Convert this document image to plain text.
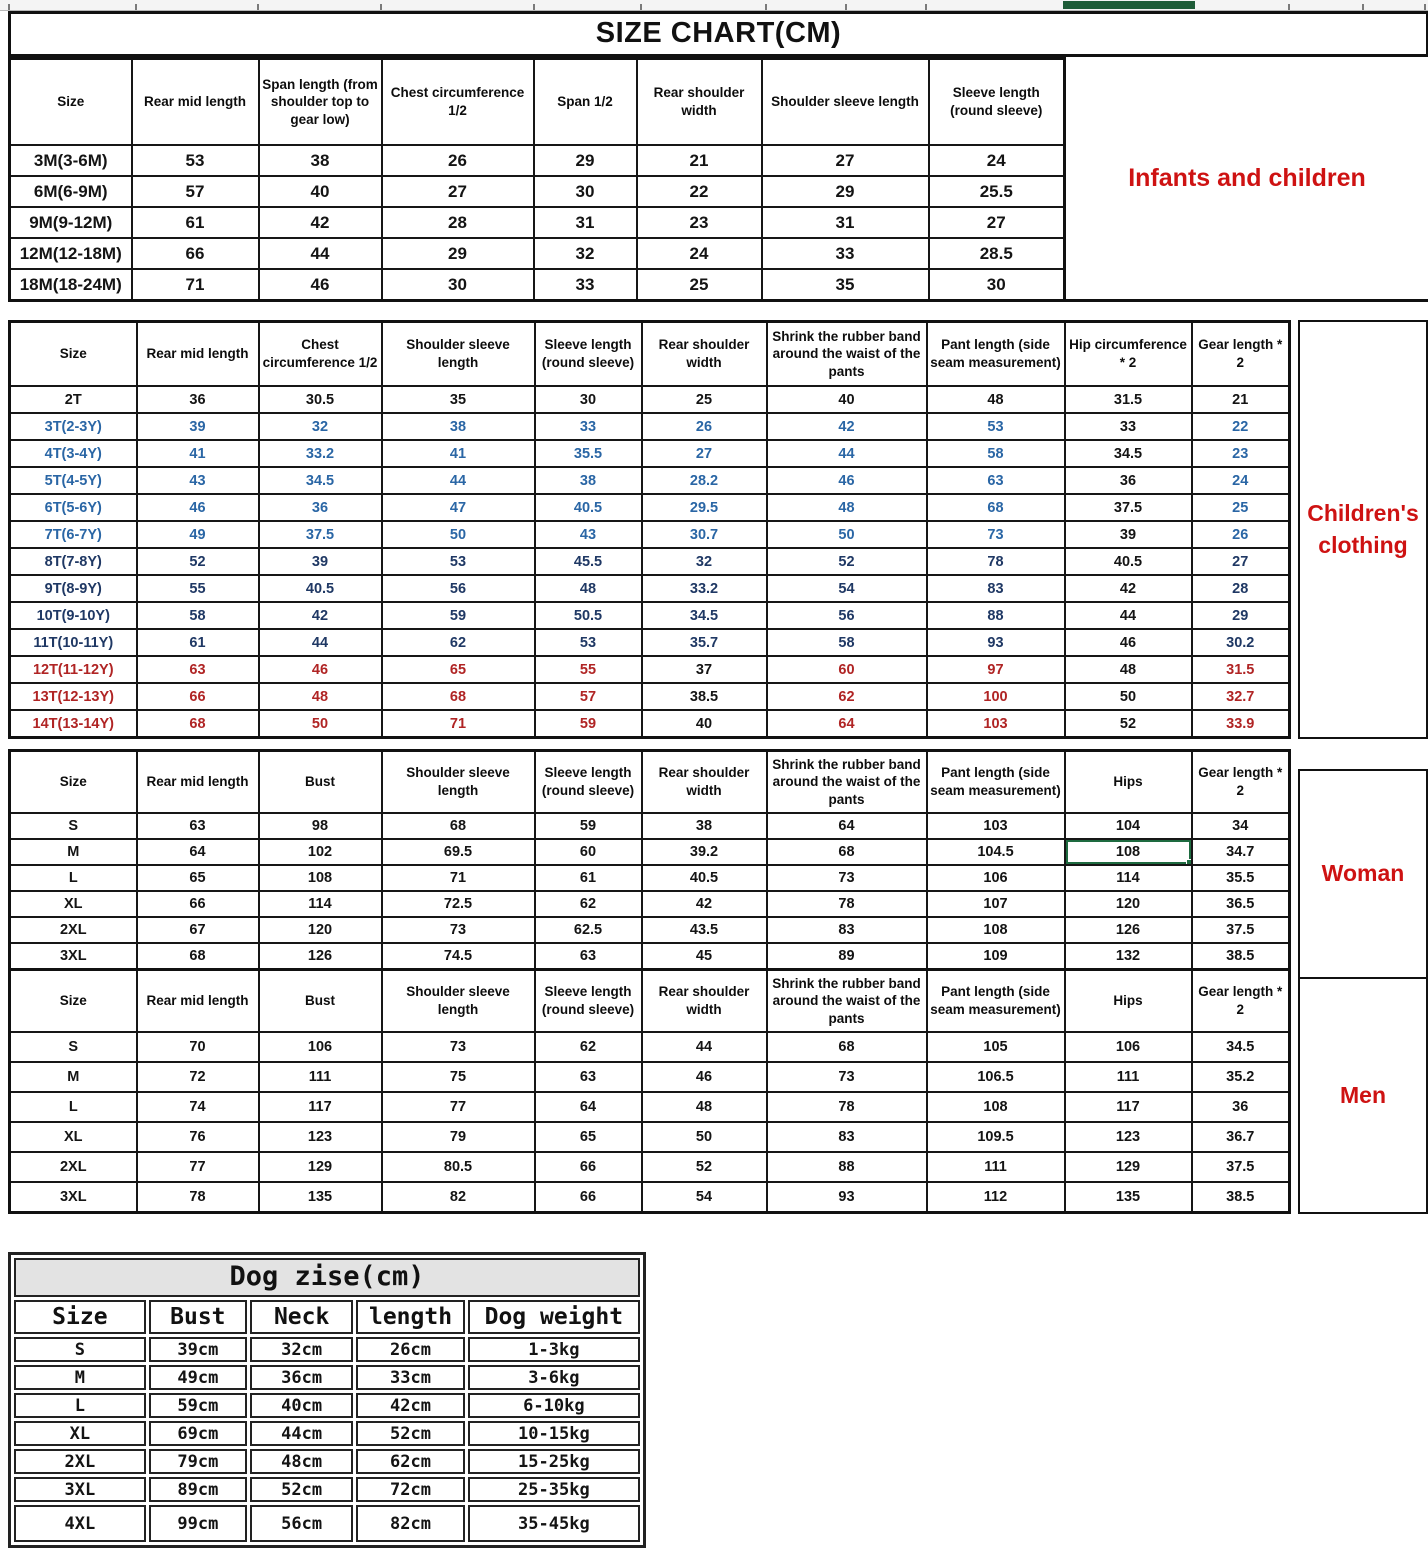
SIZE CHART(CM)
Size	Rear mid length	Span length (from shoulder top to gear low)	Chest circumference 1/2	Span 1/2	Rear shoulder width	Shoulder sleeve length	Sleeve length (round sleeve)
3M(3-6M)	53	38	26	29	21	27	24
6M(6-9M)	57	40	27	30	22	29	25.5
9M(9-12M)	61	42	28	31	23	31	27
12M(12-18M)	66	44	29	32	24	33	28.5
18M(18-24M)	71	46	30	33	25	35	30
Infants and children
Size	Rear mid length	Chest circumference 1/2	Shoulder sleeve length	Sleeve length (round sleeve)	Rear shoulder width	Shrink the rubber band around the waist of the pants	Pant length (side seam measurement)	Hip circumference * 2	Gear length * 2
2T	36	30.5	35	30	25	40	48	31.5	21
3T(2-3Y)	39	32	38	33	26	42	53	33	22
4T(3-4Y)	41	33.2	41	35.5	27	44	58	34.5	23
5T(4-5Y)	43	34.5	44	38	28.2	46	63	36	24
6T(5-6Y)	46	36	47	40.5	29.5	48	68	37.5	25
7T(6-7Y)	49	37.5	50	43	30.7	50	73	39	26
8T(7-8Y)	52	39	53	45.5	32	52	78	40.5	27
9T(8-9Y)	55	40.5	56	48	33.2	54	83	42	28
10T(9-10Y)	58	42	59	50.5	34.5	56	88	44	29
11T(10-11Y)	61	44	62	53	35.7	58	93	46	30.2
12T(11-12Y)	63	46	65	55	37	60	97	48	31.5
13T(12-13Y)	66	48	68	57	38.5	62	100	50	32.7
14T(13-14Y)	68	50	71	59	40	64	103	52	33.9
Children's clothing
Size	Rear mid length	Bust	Shoulder sleeve length	Sleeve length (round sleeve)	Rear shoulder width	Shrink the rubber band around the waist of the pants	Pant length (side seam measurement)	Hips	Gear length * 2
S	63	98	68	59	38	64	103	104	34
M	64	102	69.5	60	39.2	68	104.5	108	34.7
L	65	108	71	61	40.5	73	106	114	35.5
XL	66	114	72.5	62	42	78	107	120	36.5
2XL	67	120	73	62.5	43.5	83	108	126	37.5
3XL	68	126	74.5	63	45	89	109	132	38.5
Size	Rear mid length	Bust	Shoulder sleeve length	Sleeve length (round sleeve)	Rear shoulder width	Shrink the rubber band around the waist of the pants	Pant length (side seam measurement)	Hips	Gear length * 2
S	70	106	73	62	44	68	105	106	34.5
M	72	111	75	63	46	73	106.5	111	35.2
L	74	117	77	64	48	78	108	117	36
XL	76	123	79	65	50	83	109.5	123	36.7
2XL	77	129	80.5	66	52	88	111	129	37.5
3XL	78	135	82	66	54	93	112	135	38.5
Woman
Men
Dog zise(cm)
Size	Bust	Neck	length	Dog weight
S	39cm	32cm	26cm	1-3kg
M	49cm	36cm	33cm	3-6kg
L	59cm	40cm	42cm	6-10kg
XL	69cm	44cm	52cm	10-15kg
2XL	79cm	48cm	62cm	15-25kg
3XL	89cm	52cm	72cm	25-35kg
4XL	99cm	56cm	82cm	35-45kg
